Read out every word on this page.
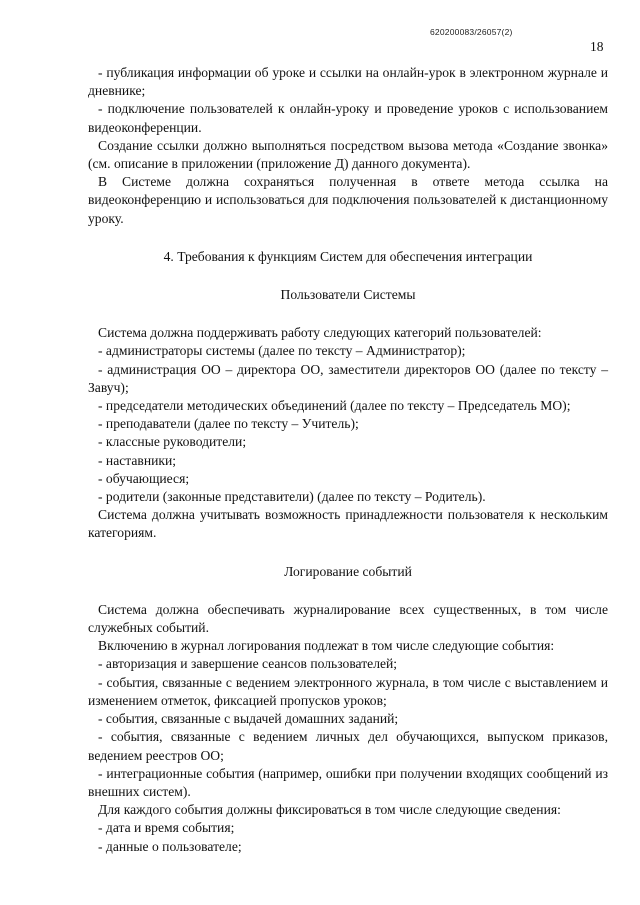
620200083/26057(2)
18

- публикация информации об уроке и ссылки на онлайн-урок в электронном журнале и дневнике;

- подключение пользователей к онлайн-уроку и проведение уроков с использованием видеоконференции.

Создание ссылки должно выполняться посредством вызова метода «Создание звонка» (см. описание в приложении (приложение Д) данного документа).

В Системе должна сохраняться полученная в ответе метода ссылка на видеоконференцию и использоваться для подключения пользователей к дистанционному уроку.

4. Требования к функциям Систем для обеспечения интеграции

Пользователи Системы

Система должна поддерживать работу следующих категорий пользователей:

- администраторы системы (далее по тексту – Администратор);

- администрация ОО – директора ОО, заместители директоров ОО (далее по тексту – Завуч);

- председатели методических объединений (далее по тексту – Председатель МО);

- преподаватели (далее по тексту – Учитель);

- классные руководители;

- наставники;

- обучающиеся;

- родители (законные представители) (далее по тексту – Родитель).

Система должна учитывать возможность принадлежности пользователя к нескольким категориям.

Логирование событий

Система должна обеспечивать журналирование всех существенных, в том числе служебных событий.

Включению в журнал логирования подлежат в том числе следующие события:

- авторизация и завершение сеансов пользователей;

- события, связанные с ведением электронного журнала, в том числе с выставлением и изменением отметок, фиксацией пропусков уроков;

- события, связанные с выдачей домашних заданий;

- события, связанные с ведением личных дел обучающихся, выпуском приказов, ведением реестров ОО;

- интеграционные события (например, ошибки при получении входящих сообщений из внешних систем).

Для каждого события должны фиксироваться в том числе следующие сведения:

- дата и время события;

- данные о пользователе;
